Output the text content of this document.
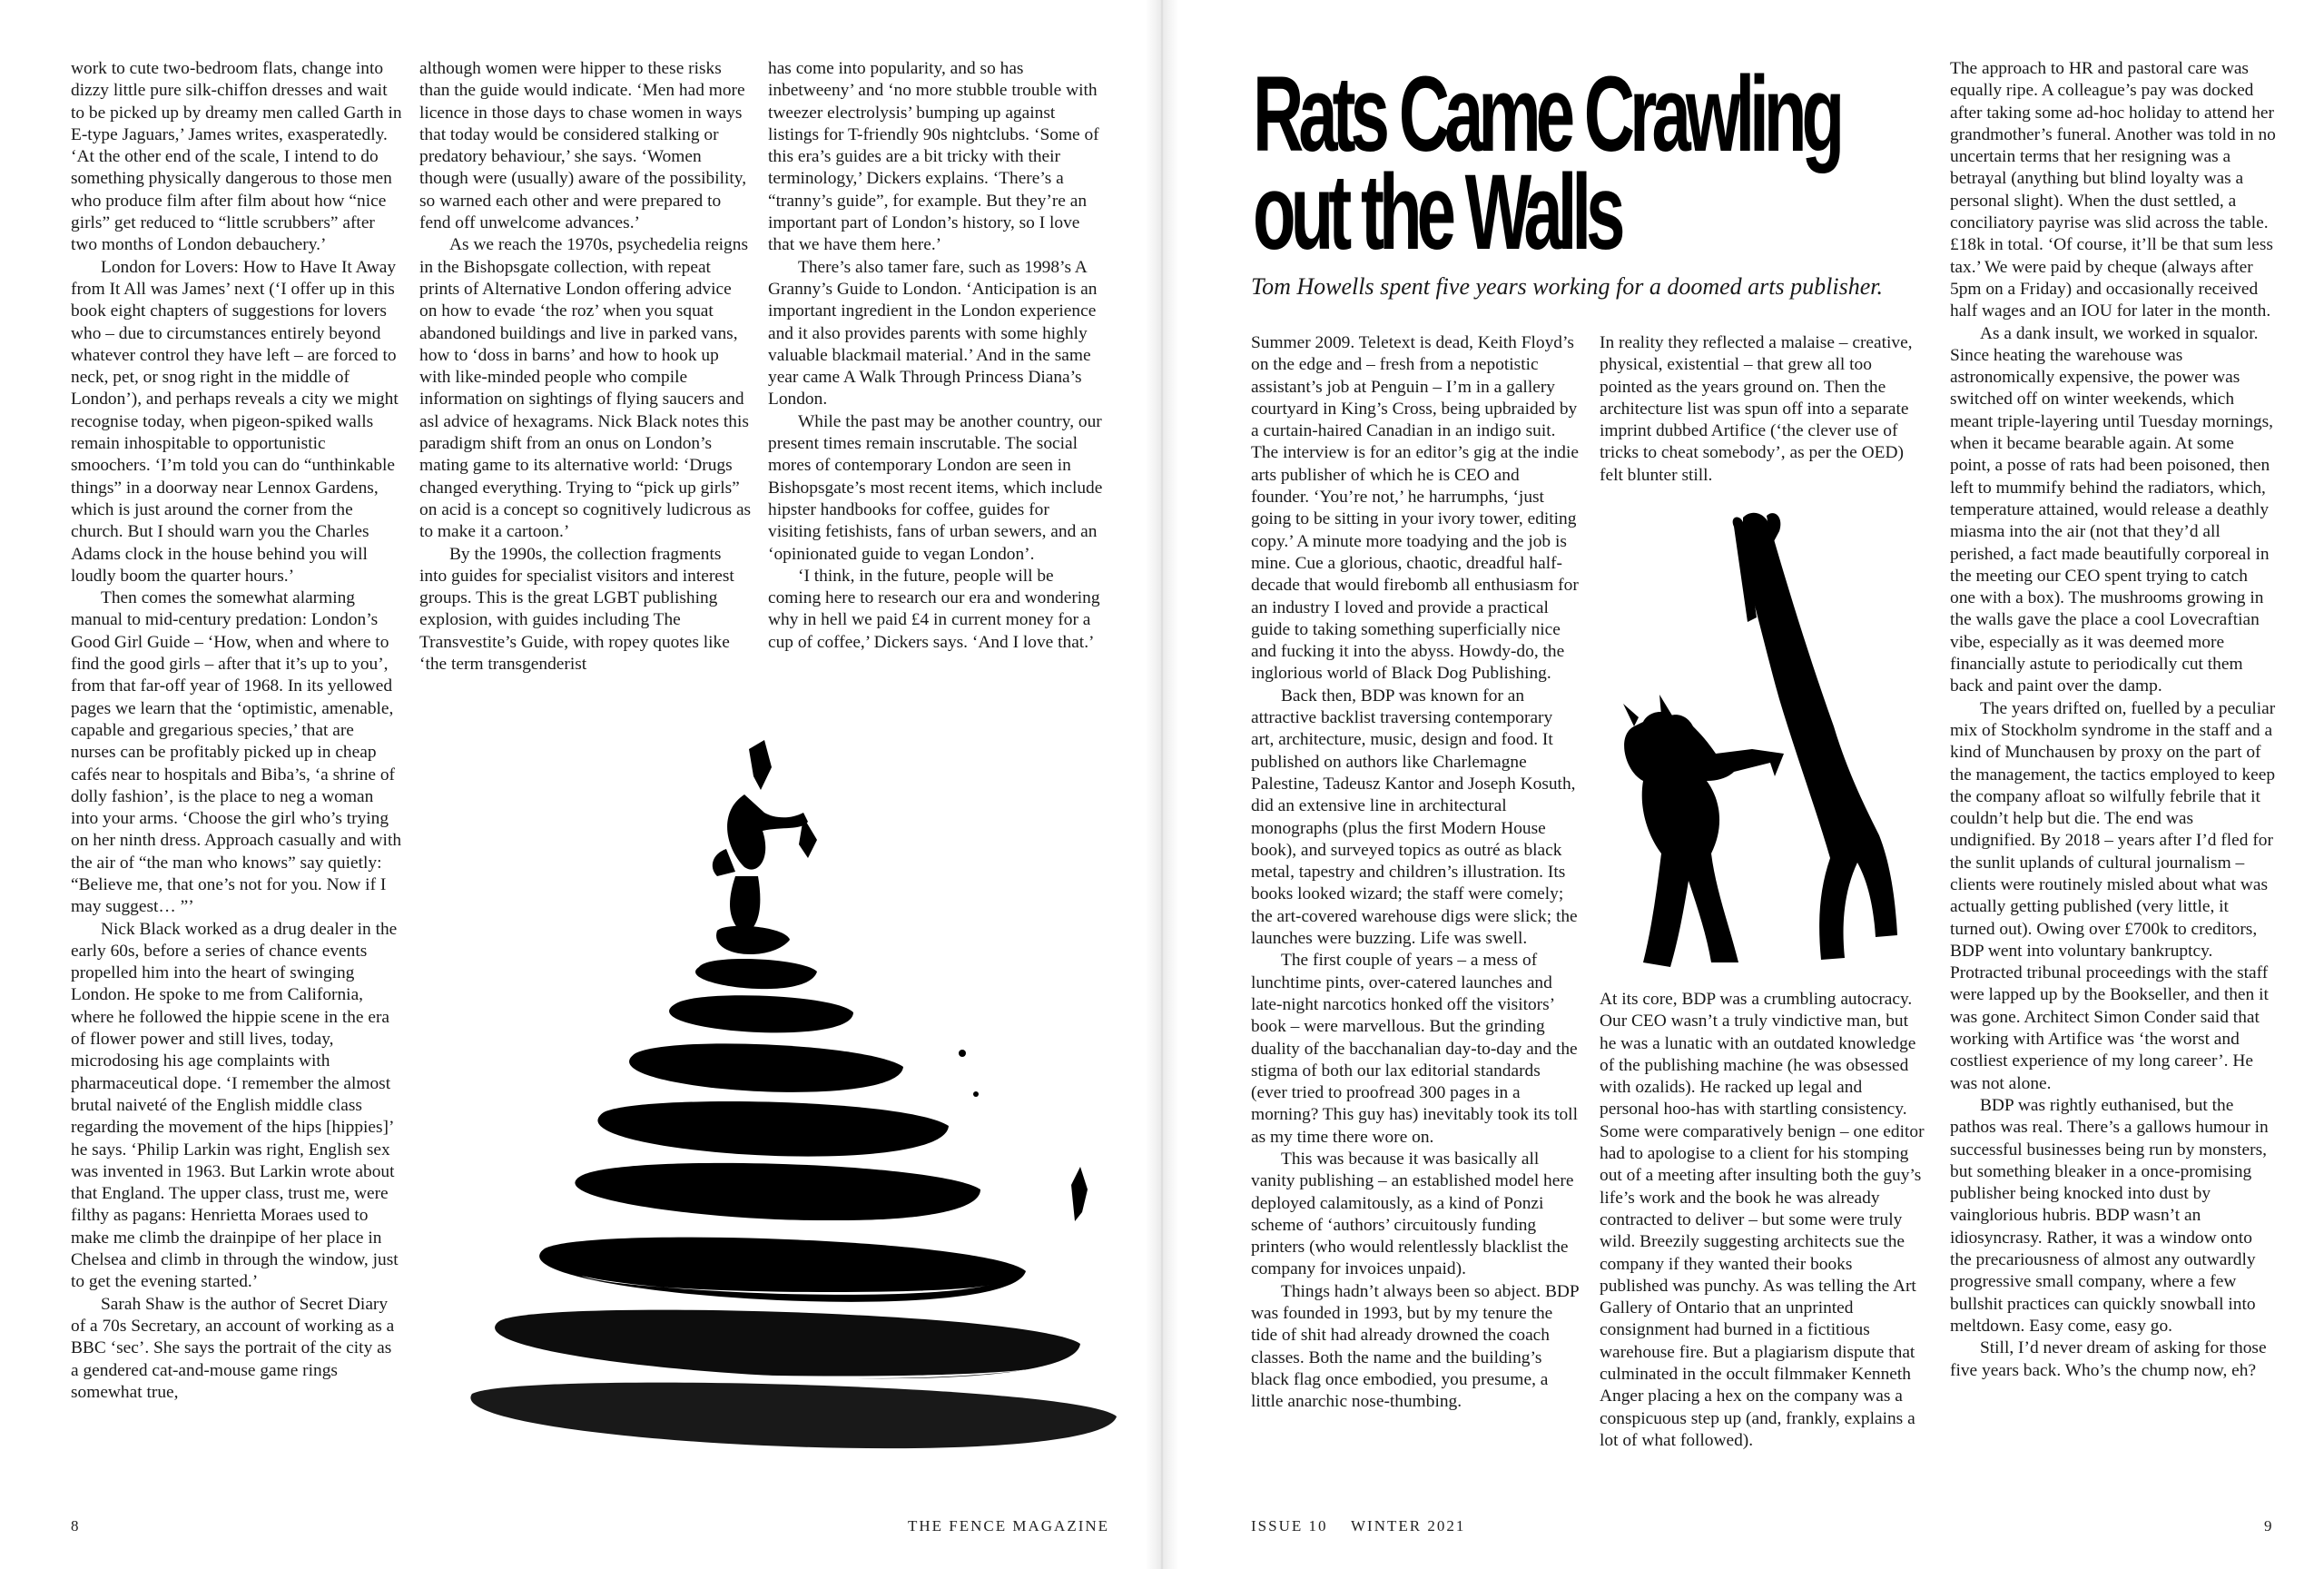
work to cute two-bedroom flats, change into dizzy little pure silk-chiffon dresses and wait to be picked up by dreamy men called Garth in E-type Jaguars,’ James writes, exasperatedly. ‘At the other end of the scale, I intend to do something physically dangerous to those men who produce film after film about how “nice girls” get reduced to “little scrubbers” after two months of London debauchery.’

London for Lovers: How to Have It Away from It All was James’ next (‘I offer up in this book eight chapters of suggestions for lovers who – due to circumstances entirely beyond whatever control they have left – are forced to neck, pet, or snog right in the middle of London’), and perhaps reveals a city we might recognise today, when pigeon-spiked walls remain inhospitable to opportunistic smoochers. ‘I’m told you can do “unthinkable things” in a doorway near Lennox Gardens, which is just around the corner from the church. But I should warn you the Charles Adams clock in the house behind you will loudly boom the quarter hours.’

Then comes the somewhat alarming manual to mid-century predation: London’s Good Girl Guide – ‘How, when and where to find the good girls – after that it’s up to you’, from that far-off year of 1968. In its yellowed pages we learn that the ‘optimistic, amenable, capable and gregarious species,’ that are nurses can be profitably picked up in cheap cafés near to hospitals and Biba’s, ‘a shrine of dolly fashion’, is the place to neg a woman into your arms. ‘Choose the girl who’s trying on her ninth dress. Approach casually and with the air of “the man who knows” say quietly: “Believe me, that one’s not for you. Now if I may suggest… ”’

Nick Black worked as a drug dealer in the early 60s, before a series of chance events propelled him into the heart of swinging London. He spoke to me from California, where he followed the hippie scene in the era of flower power and still lives, today, microdosing his age complaints with pharmaceutical dope. ‘I remember the almost brutal naiveté of the English middle class regarding the movement of the hips [hippies]’ he says. ‘Philip Larkin was right, English sex was invented in 1963. But Larkin wrote about that England. The upper class, trust me, were filthy as pagans: Henrietta Moraes used to make me climb the drainpipe of her place in Chelsea and climb in through the window, just to get the evening started.’

Sarah Shaw is the author of Secret Diary of a 70s Secretary, an account of working as a BBC ‘sec’. She says the portrait of the city as a gendered cat-and-mouse game rings somewhat true,

although women were hipper to these risks than the guide would indicate. ‘Men had more licence in those days to chase women in ways that today would be considered stalking or predatory behaviour,’ she says. ‘Women though were (usually) aware of the possibility, so warned each other and were prepared to fend off unwelcome advances.’

As we reach the 1970s, psychedelia reigns in the Bishopsgate collection, with repeat prints of Alternative London offering advice on how to evade ‘the roz’ when you squat abandoned buildings and live in parked vans, how to ‘doss in barns’ and how to hook up with like-minded people who compile information on sightings of flying saucers and asl advice of hexagrams. Nick Black notes this paradigm shift from an onus on London’s mating game to its alternative world: ‘Drugs changed everything. Trying to “pick up girls” on acid is a concept so cognitively ludicrous as to make it a cartoon.’

By the 1990s, the collection fragments into guides for specialist visitors and interest groups. This is the great LGBT publishing explosion, with guides including The Transvestite’s Guide, with ropey quotes like ‘the term transgenderist

has come into popularity, and so has inbetweeny’ and ‘no more stubble trouble with tweezer electrolysis’ bumping up against listings for T-friendly 90s nightclubs. ‘Some of this era’s guides are a bit tricky with their terminology,’ Dickers explains. ‘There’s a “tranny’s guide”, for example. But they’re an important part of London’s history, so I love that we have them here.’

There’s also tamer fare, such as 1998’s A Granny’s Guide to London. ‘Anticipation is an important ingredient in the London experience and it also provides parents with some highly valuable blackmail material.’ And in the same year came A Walk Through Princess Diana’s London.

While the past may be another country, our present times remain inscrutable. The social mores of contemporary London are seen in Bishopsgate’s most recent items, which include hipster handbooks for coffee, guides for visiting fetishists, fans of urban sewers, and an ‘opinionated guide to vegan London’.

‘I think, in the future, people will be coming here to research our era and wondering why in hell we paid £4 in current money for a cup of coffee,’ Dickers says. ‘And I love that.’

Rats Came Crawling
out the Walls

Tom Howells spent five years working for a doomed arts publisher.

Summer 2009. Teletext is dead, Keith Floyd’s on the edge and – fresh from a nepotistic assistant’s job at Penguin – I’m in a gallery courtyard in King’s Cross, being upbraided by a curtain-haired Canadian in an indigo suit. The interview is for an editor’s gig at the indie arts publisher of which he is CEO and founder. ‘You’re not,’ he harrumphs, ‘just going to be sitting in your ivory tower, editing copy.’ A minute more toadying and the job is mine. Cue a glorious, chaotic, dreadful half-decade that would firebomb all enthusiasm for an industry I loved and provide a practical guide to taking something superficially nice and fucking it into the abyss. Howdy-do, the inglorious world of Black Dog Publishing.

Back then, BDP was known for an attractive backlist traversing contemporary art, architecture, music, design and food. It published on authors like Charlemagne Palestine, Tadeusz Kantor and Joseph Kosuth, did an extensive line in architectural monographs (plus the first Modern House book), and surveyed topics as outré as black metal, tapestry and children’s illustration. Its books looked wizard; the staff were comely; the art-covered warehouse digs were slick; the launches were buzzing. Life was swell.

The first couple of years – a mess of lunchtime pints, over-catered launches and late-night narcotics honked off the visitors’ book – were marvellous. But the grinding duality of the bacchanalian day-to-day and the stigma of both our lax editorial standards (ever tried to proofread 300 pages in a morning? This guy has) inevitably took its toll as my time there wore on.

This was because it was basically all vanity publishing – an established model here deployed calamitously, as a kind of Ponzi scheme of ‘authors’ circuitously funding printers (who would relentlessly blacklist the company for invoices unpaid).

Things hadn’t always been so abject. BDP was founded in 1993, but by my tenure the tide of shit had already drowned the coach classes. Both the name and the building’s black flag once embodied, you presume, a little anarchic nose-thumbing.

In reality they reflected a malaise – creative, physical, existential – that grew all too pointed as the years ground on. Then the architecture list was spun off into a separate imprint dubbed Artifice (‘the clever use of tricks to cheat somebody’, as per the OED) felt blunter still.

At its core, BDP was a crumbling autocracy. Our CEO wasn’t a truly vindictive man, but he was a lunatic with an outdated knowledge of the publishing machine (he was obsessed with ozalids). He racked up legal and personal hoo-has with startling consistency. Some were comparatively benign – one editor had to apologise to a client for his stomping out of a meeting after insulting both the guy’s life’s work and the book he was already contracted to deliver – but some were truly wild. Breezily suggesting architects sue the company if they wanted their books published was punchy. As was telling the Art Gallery of Ontario that an unprinted consignment had burned in a fictitious warehouse fire. But a plagiarism dispute that culminated in the occult filmmaker Kenneth Anger placing a hex on the company was a conspicuous step up (and, frankly, explains a lot of what followed).

The approach to HR and pastoral care was equally ripe. A colleague’s pay was docked after taking some ad-hoc holiday to attend her grandmother’s funeral. Another was told in no uncertain terms that her resigning was a betrayal (anything but blind loyalty was a personal slight). When the dust settled, a conciliatory payrise was slid across the table. £18k in total. ‘Of course, it’ll be that sum less tax.’ We were paid by cheque (always after 5pm on a Friday) and occasionally received half wages and an IOU for later in the month.

As a dank insult, we worked in squalor. Since heating the warehouse was astronomically expensive, the power was switched off on winter weekends, which meant triple-layering until Tuesday mornings, when it became bearable again. At some point, a posse of rats had been poisoned, then left to mummify behind the radiators, which, temperature attained, would release a deathly miasma into the air (not that they’d all perished, a fact made beautifully corporeal in the meeting our CEO spent trying to catch one with a box). The mushrooms growing in the walls gave the place a cool Lovecraftian vibe, especially as it was deemed more financially astute to periodically cut them back and paint over the damp.

The years drifted on, fuelled by a peculiar mix of Stockholm syndrome in the staff and a kind of Munchausen by proxy on the part of the management, the tactics employed to keep the company afloat so wilfully febrile that it couldn’t help but die. The end was undignified. By 2018 – years after I’d fled for the sunlit uplands of cultural journalism – clients were routinely misled about what was actually getting published (very little, it turned out). Owing over £700k to creditors, BDP went into voluntary bankruptcy. Protracted tribunal proceedings with the staff were lapped up by the Bookseller, and then it was gone. Architect Simon Conder said that working with Artifice was ‘the worst and costliest experience of my long career’. He was not alone.

BDP was rightly euthanised, but the pathos was real. There’s a gallows humour in successful businesses being run by monsters, but something bleaker in a once-promising publisher being knocked into dust by vainglorious hubris. BDP wasn’t an idiosyncrasy. Rather, it was a window onto the precariousness of almost any outwardly progressive small company, where a few bullshit practices can quickly snowball into meltdown. Easy come, easy go.

Still, I’d never dream of asking for those five years back. Who’s the chump now, eh?

8	THE FENCE MAGAZINE	ISSUE 10 WINTER 2021	9
